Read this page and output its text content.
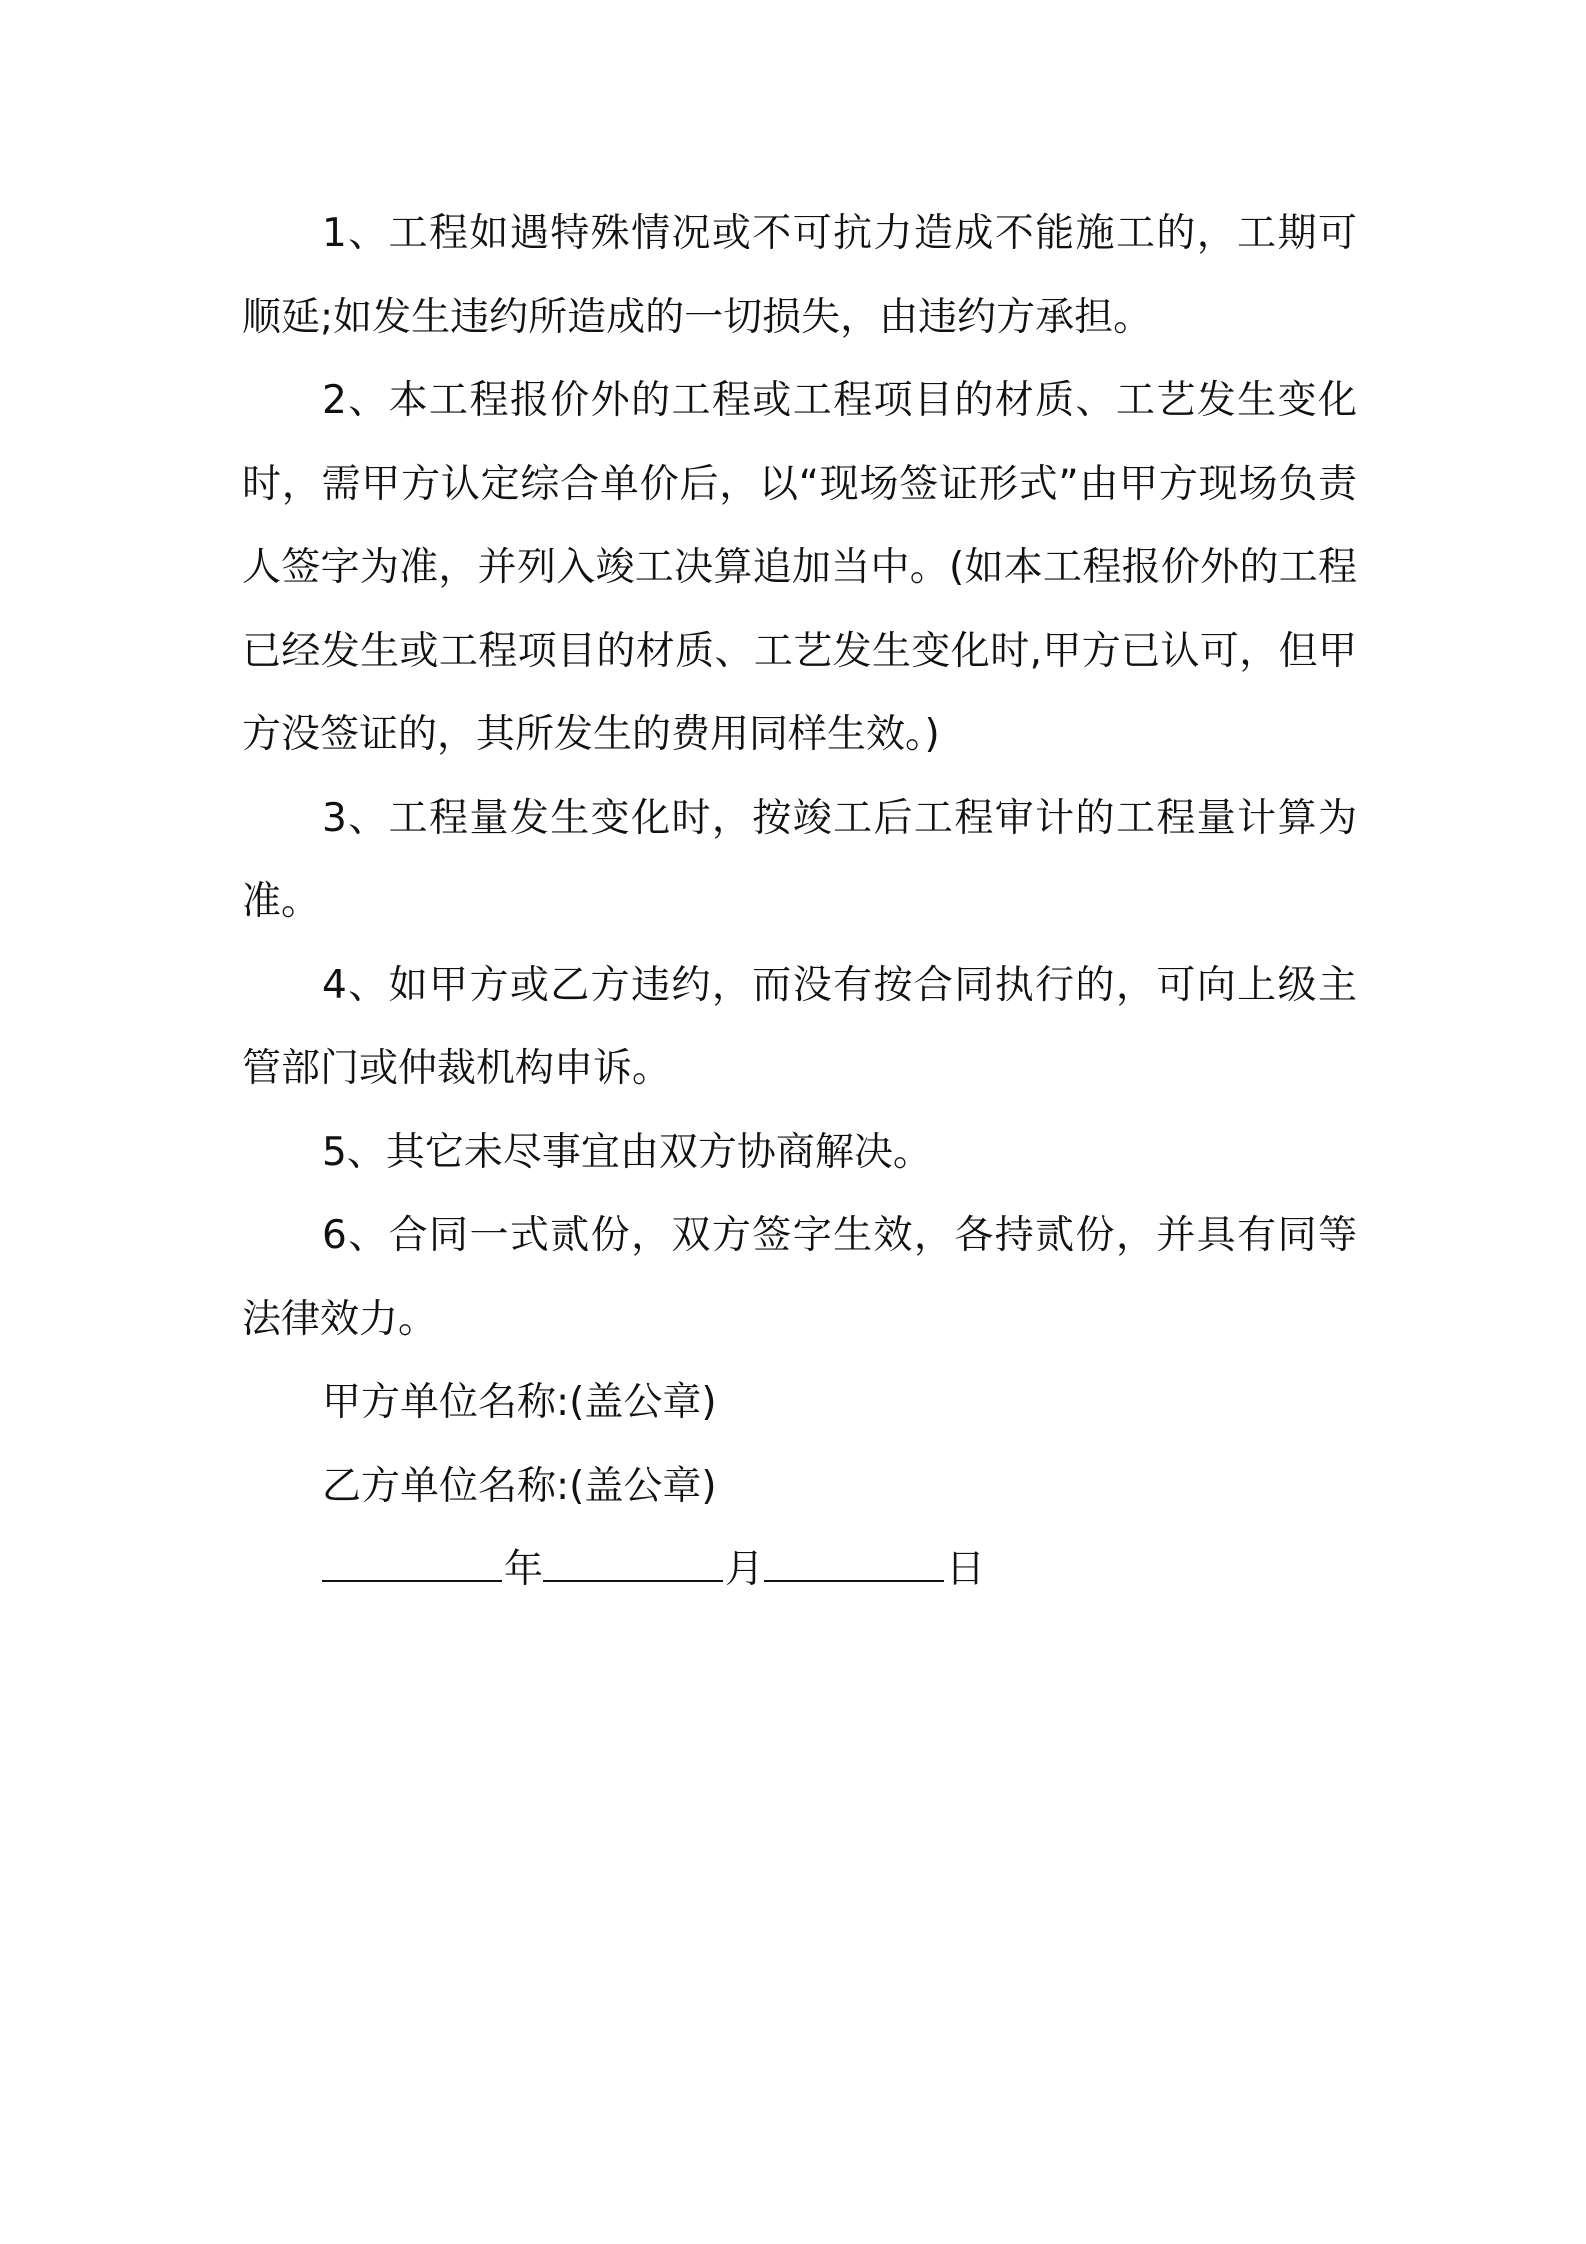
1、工程如遇特殊情况或不可抗力造成不能施工的，工期可顺延;如发生违约所造成的一切损失，由违约方承担。

2、本工程报价外的工程或工程项目的材质、工艺发生变化时，需甲方认定综合单价后，以“现场签证形式”由甲方现场负责人签字为准，并列入竣工决算追加当中。(如本工程报价外的工程已经发生或工程项目的材质、工艺发生变化时,甲方已认可，但甲方没签证的，其所发生的费用同样生效。)

3、工程量发生变化时，按竣工后工程审计的工程量计算为准。

4、如甲方或乙方违约，而没有按合同执行的，可向上级主管部门或仲裁机构申诉。

5、其它未尽事宜由双方协商解决。

6、合同一式贰份，双方签字生效，各持贰份，并具有同等法律效力。

甲方单位名称:(盖公章)

乙方单位名称:(盖公章)

年	月	日
